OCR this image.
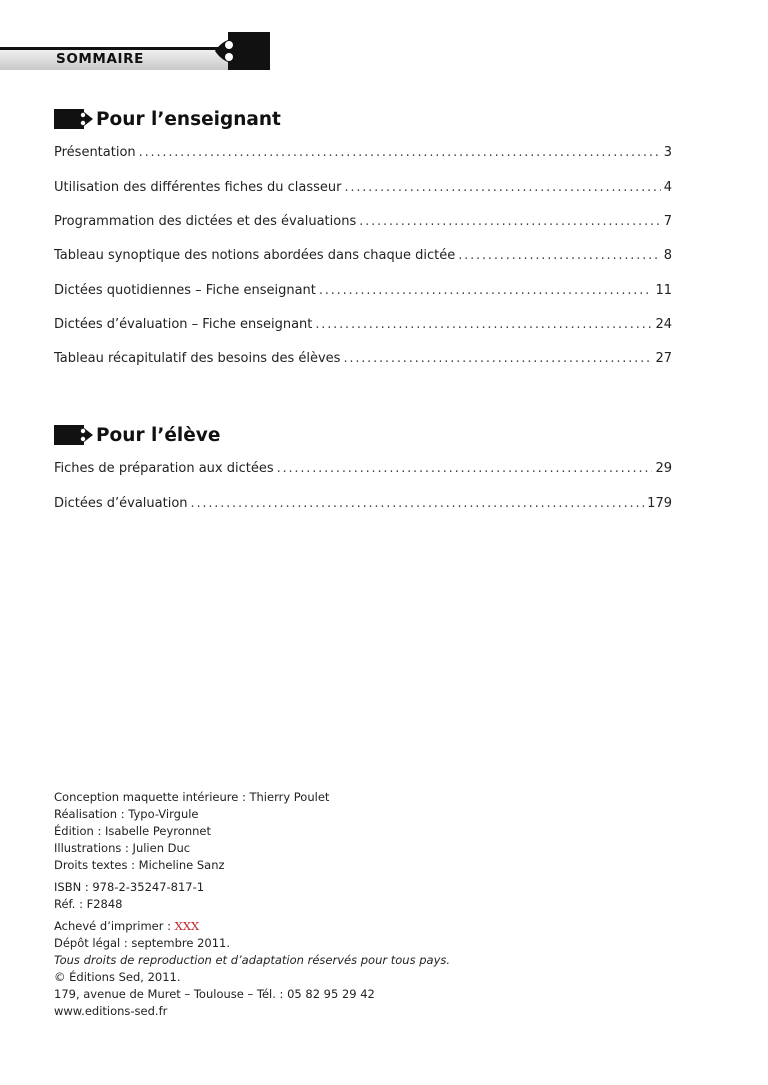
SOMMAIRE
Pour l’enseignant
Présentation .....	3
Utilisation des différentes fiches du classeur .....	4
Programmation des dictées et des évaluations .....	7
Tableau synoptique des notions abordées dans chaque dictée .....	8
Dictées quotidiennes – Fiche enseignant .....	11
Dictées d’évaluation – Fiche enseignant .....	24
Tableau récapitulatif des besoins des élèves .....	27
Pour l’élève
Fiches de préparation aux dictées .....	29
Dictées d’évaluation .....	179
Conception maquette intérieure : Thierry Poulet
Réalisation : Typo-Virgule
Édition : Isabelle Peyronnet
Illustrations : Julien Duc
Droits textes : Micheline Sanz
ISBN : 978-2-35247-817-1
Réf. : F2848
Achevé d’imprimer : XXX
Dépôt légal : septembre 2011.
Tous droits de reproduction et d’adaptation réservés pour tous pays.
© Éditions Sed, 2011.
179, avenue de Muret – Toulouse – Tél. : 05 82 95 29 42
www.editions-sed.fr
